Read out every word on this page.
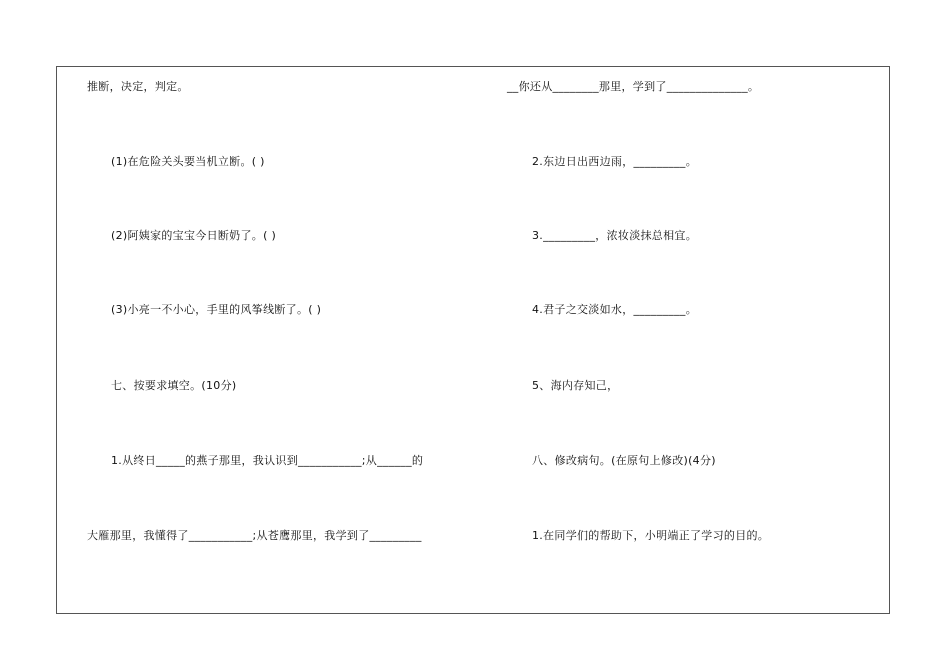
推断，决定，判定。
(1)在危险关头要当机立断。( )
(2)阿姨家的宝宝今日断奶了。( )
(3)小亮一不小心，手里的风筝线断了。( )
七、按要求填空。(10分)
1.从终日_____的燕子那里，我认识到___________;从______的
大雁那里，我懂得了___________;从苍鹰那里，我学到了_________
__你还从________那里，学到了______________。
2.东边日出西边雨，_________。
3._________，浓妆淡抹总相宜。
4.君子之交淡如水，_________。
5、海内存知己，
八、修改病句。(在原句上修改)(4分)
1.在同学们的帮助下，小明端正了学习的目的。
